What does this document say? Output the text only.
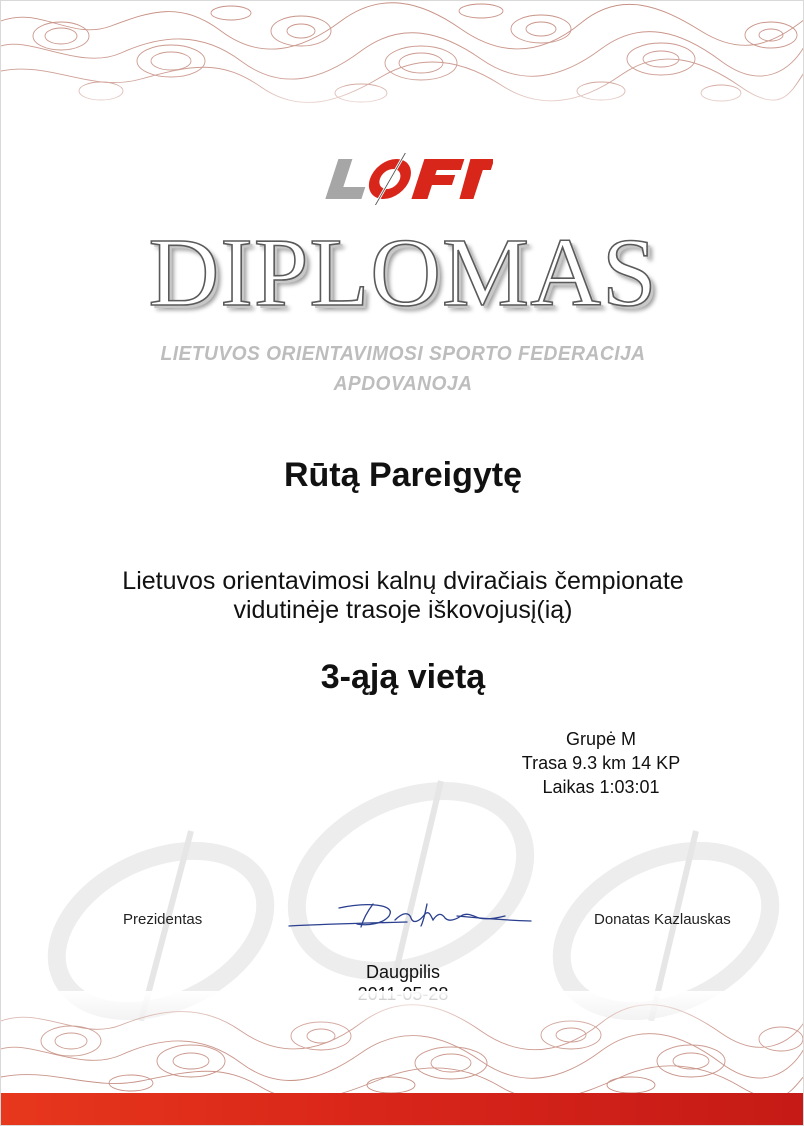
DIPLOMAS
LIETUVOS ORIENTAVIMOSI SPORTO FEDERACIJA
APDOVANOJA
Rūtą Pareigytę
Lietuvos orientavimosi kalnų dviračiais čempionate
vidutinėje trasoje iškovojusį(ią)
3-ąją vietą
Grupė M
Trasa 9.3 km 14 KP
Laikas 1:03:01
Prezidentas	Donatas Kazlauskas
Daugpilis
